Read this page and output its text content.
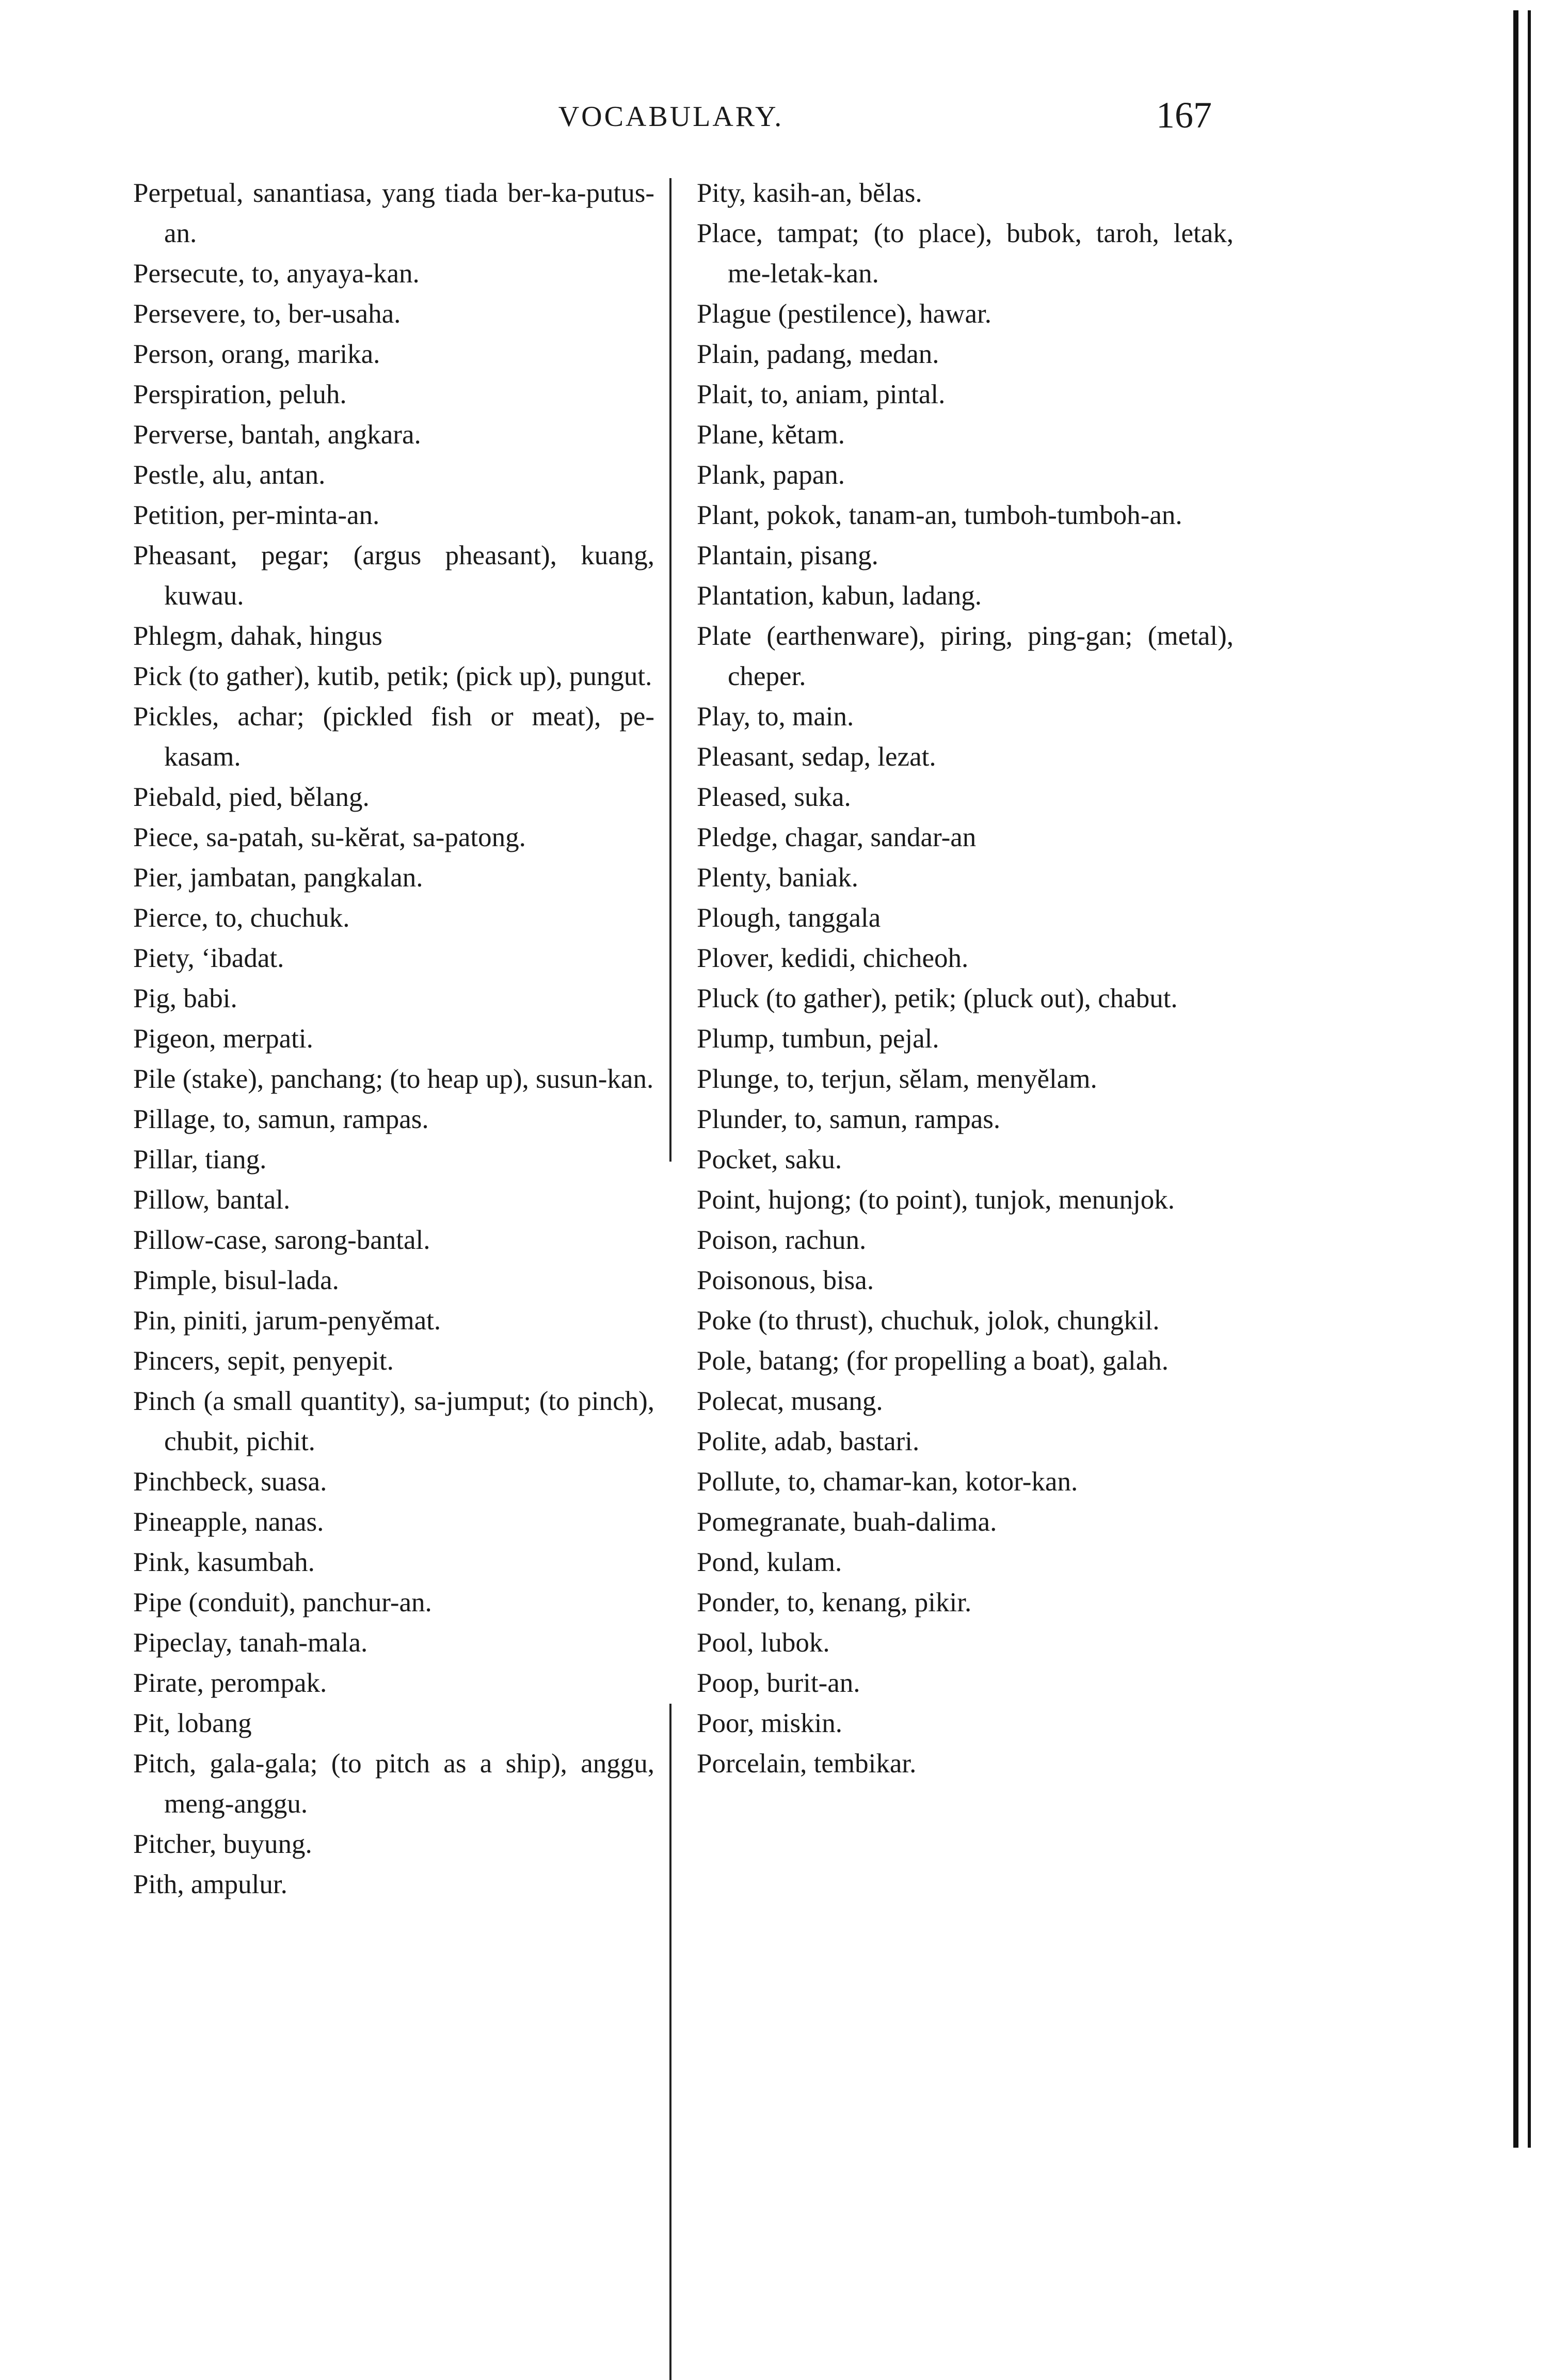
VOCABULARY.	167

Perpetual, sanantiasa, yang tiada ber-ka-putus-an.

Persecute, to, anyaya-kan.

Persevere, to, ber-usaha.

Person, orang, marika.

Perspiration, peluh.

Perverse, bantah, angkara.

Pestle, alu, antan.

Petition, per-minta-an.

Pheasant, pegar; (argus pheasant), kuang, kuwau.

Phlegm, dahak, hingus

Pick (to gather), kutib, petik; (pick up), pungut.

Pickles, achar; (pickled fish or meat), pe-kasam.

Piebald, pied, bělang.

Piece, sa-patah, su-kĕrat, sa-patong.

Pier, jambatan, pangkalan.

Pierce, to, chuchuk.

Piety, ‘ibadat.

Pig, babi.

Pigeon, merpati.

Pile (stake), panchang; (to heap up), susun-kan.

Pillage, to, samun, rampas.

Pillar, tiang.

Pillow, bantal.

Pillow-case, sarong-bantal.

Pimple, bisul-lada.

Pin, piniti, jarum-penyĕmat.

Pincers, sepit, penyepit.

Pinch (a small quantity), sa-jumput; (to pinch), chubit, pichit.

Pinchbeck, suasa.

Pineapple, nanas.

Pink, kasumbah.

Pipe (conduit), panchur-an.

Pipeclay, tanah-mala.

Pirate, perompak.

Pit, lobang

Pitch, gala-gala; (to pitch as a ship), anggu, meng-anggu.

Pitcher, buyung.

Pith, ampulur.

Pity, kasih-an, bĕlas.

Place, tampat; (to place), bubok, taroh, letak, me-letak-kan.

Plague (pestilence), hawar.

Plain, padang, medan.

Plait, to, aniam, pintal.

Plane, kĕtam.

Plank, papan.

Plant, pokok, tanam-an, tumboh-tumboh-an.

Plantain, pisang.

Plantation, kabun, ladang.

Plate (earthenware), piring, ping-gan; (metal), cheper.

Play, to, main.

Pleasant, sedap, lezat.

Pleased, suka.

Pledge, chagar, sandar-an

Plenty, baniak.

Plough, tanggala

Plover, kedidi, chicheoh.

Pluck (to gather), petik; (pluck out), chabut.

Plump, tumbun, pejal.

Plunge, to, terjun, sĕlam, menyĕlam.

Plunder, to, samun, rampas.

Pocket, saku.

Point, hujong; (to point), tunjok, menunjok.

Poison, rachun.

Poisonous, bisa.

Poke (to thrust), chuchuk, jolok, chungkil.

Pole, batang; (for propelling a boat), galah.

Polecat, musang.

Polite, adab, bastari.

Pollute, to, chamar-kan, kotor-kan.

Pomegranate, buah-dalima.

Pond, kulam.

Ponder, to, kenang, pikir.

Pool, lubok.

Poop, burit-an.

Poor, miskin.

Porcelain, tembikar.
